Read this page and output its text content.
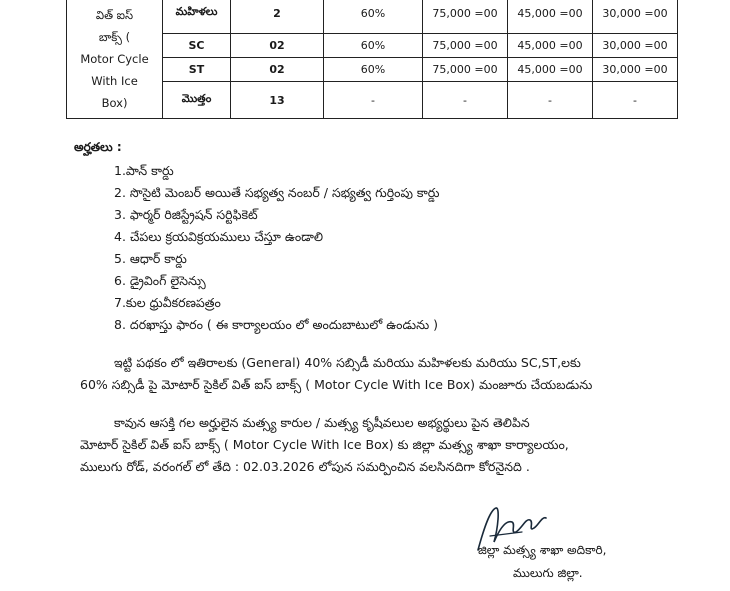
విత్ ఐస్
బాక్స్ (
Motor Cycle
With Ice
Box)	మహిళలు	2	60%	75,000 =00	45,000 =00	30,000 =00
	SC	02	60%	75,000 =00	45,000 =00	30,000 =00
	ST	02	60%	75,000 =00	45,000 =00	30,000 =00
	మొత్తం	13	-	-	-	-
అర్హతలు :
1.పాన్ కార్డు
2. సొసైటి మెంబర్ అయితే సభ్యత్వ నంబర్ / సభ్యత్వ గుర్తింపు కార్డు
3. ఫార్మర్ రిజిస్ట్రేషన్ సర్టిఫికెట్
4. చేపలు క్రయవిక్రయములు చేస్తూ ఉండాలి
5. ఆధార్ కార్డు
6. డ్రైవింగ్ లైసెన్సు
7.కుల ధ్రువీకరణపత్రం
8. దరఖాస్తు ఫారం ( ఈ కార్యాలయం లో అందుబాటులో ఉండును )
ఇట్టి పథకం లో ఇతిరాలకు (General) 40% సబ్సిడీ మరియు మహిళలకు మరియు SC,ST,లకు
60% సబ్సిడీ పై మోటార్ సైకిల్ విత్ ఐస్ బాక్స్ ( Motor Cycle With Ice Box) మంజూరు చేయబడును
కావున ఆసక్తి గల అర్హులైన మత్స్య కారుల / మత్స్య కృషీవలుల అభ్యర్థులు పైన తెలిపిన
మోటార్ సైకిల్ విత్ ఐస్ బాక్స్ ( Motor Cycle With Ice Box) కు జిల్లా మత్స్య శాఖా కార్యాలయం,
ములుగు రోడ్, వరంగల్ లో తేది : 02.03.2026 లోపున సమర్పించిన వలసినదిగా కోరనైనది .
జిల్లా మత్స్య శాఖా అదికారి,
ములుగు జిల్లా.
